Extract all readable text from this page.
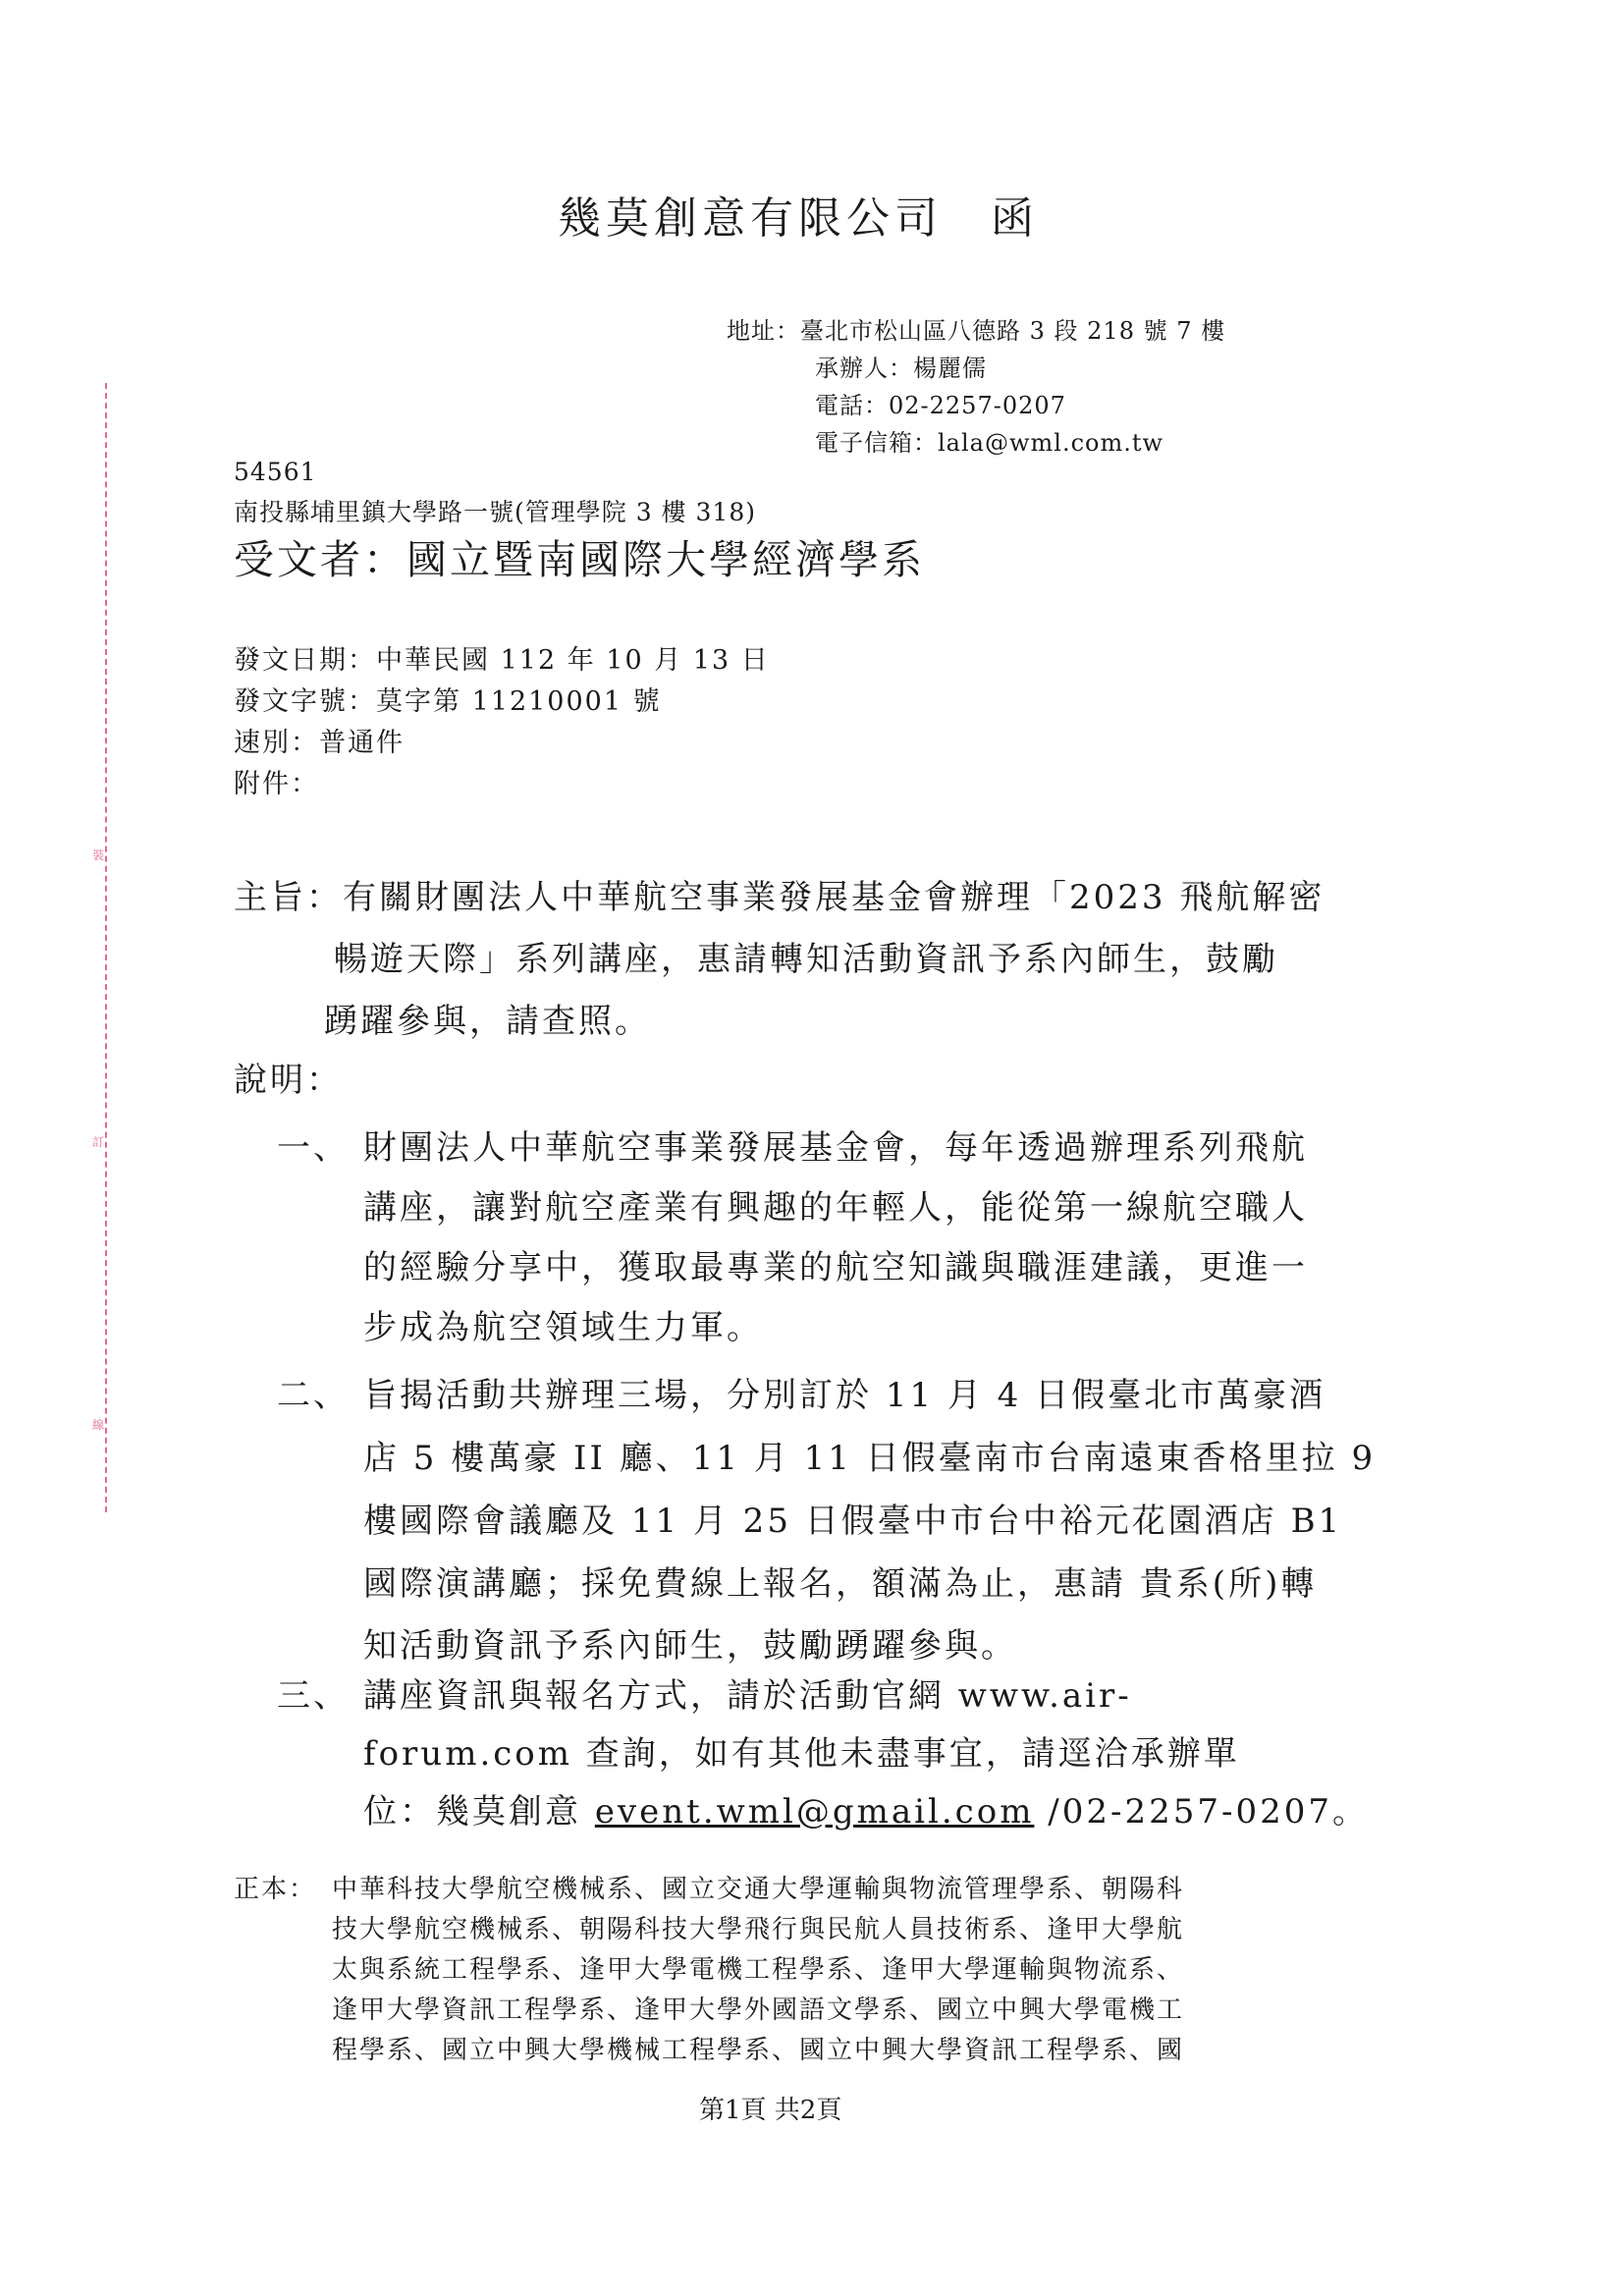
裝
訂
線
幾莫創意有限公司　函
地址：臺北市松山區八德路 3 段 218 號 7 樓
承辦人：楊麗儒
電話：02-2257-0207
電子信箱：lala@wml.com.tw
54561
南投縣埔里鎮大學路一號(管理學院 3 樓 318)
受文者：國立暨南國際大學經濟學系
發文日期：中華民國 112 年 10 月 13 日
發文字號：莫字第 11210001 號
速別：普通件
附件：
主旨：有關財團法人中華航空事業發展基金會辦理「2023 飛航解密
暢遊天際」系列講座，惠請轉知活動資訊予系內師生，鼓勵
踴躍參與，請查照。
說明：
一、 財團法人中華航空事業發展基金會，每年透過辦理系列飛航
講座，讓對航空產業有興趣的年輕人，能從第一線航空職人
的經驗分享中，獲取最專業的航空知識與職涯建議，更進一
步成為航空領域生力軍。
二、 旨揭活動共辦理三場，分別訂於 11 月 4 日假臺北市萬豪酒
店 5 樓萬豪 II 廳、11 月 11 日假臺南市台南遠東香格里拉 9
樓國際會議廳及 11 月 25 日假臺中市台中裕元花園酒店 B1
國際演講廳；採免費線上報名，額滿為止，惠請 貴系(所)轉
知活動資訊予系內師生，鼓勵踴躍參與。
三、 講座資訊與報名方式，請於活動官網 www.air-
forum.com 查詢，如有其他未盡事宜，請逕洽承辦單
位：幾莫創意 event.wml@gmail.com /02-2257-0207。
正本： 中華科技大學航空機械系、國立交通大學運輸與物流管理學系、朝陽科
技大學航空機械系、朝陽科技大學飛行與民航人員技術系、逢甲大學航
太與系統工程學系、逢甲大學電機工程學系、逢甲大學運輸與物流系、
逢甲大學資訊工程學系、逢甲大學外國語文學系、國立中興大學電機工
程學系、國立中興大學機械工程學系、國立中興大學資訊工程學系、國
第1頁 共2頁
